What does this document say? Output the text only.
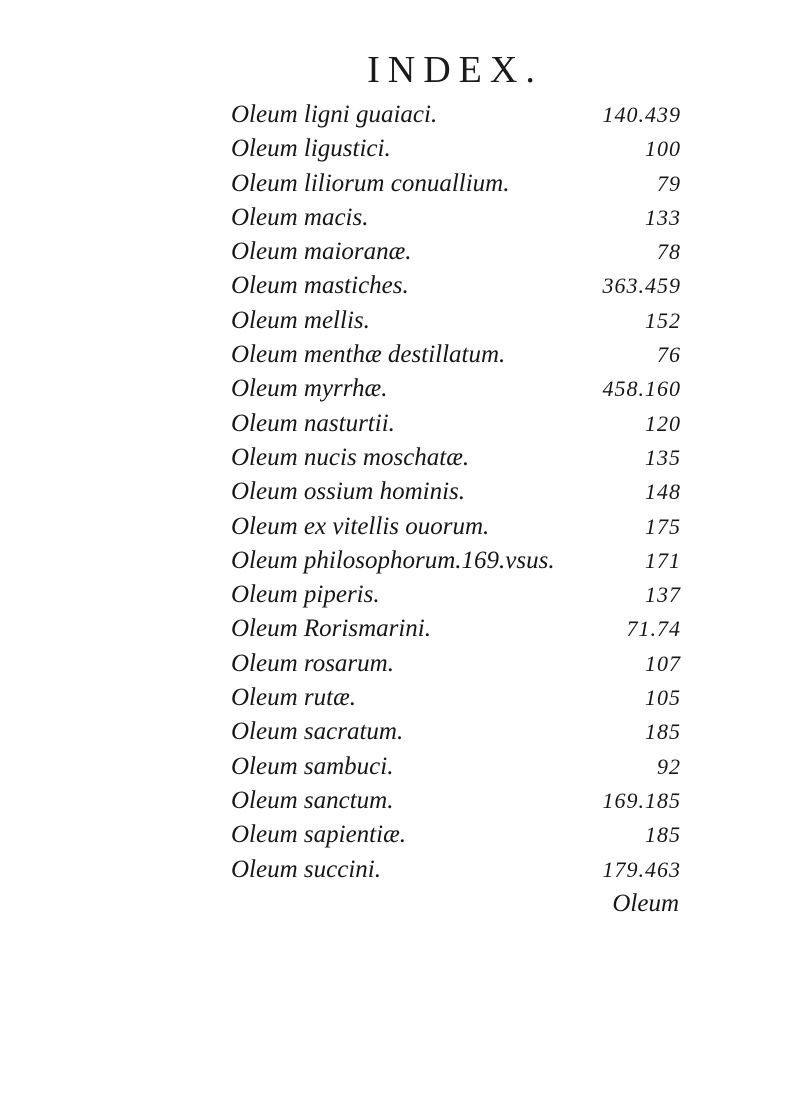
INDEX.
Oleum ligni guaiaci.	140.439
Oleum ligustici.	100
Oleum liliorum conuallium.	79
Oleum macis.	133
Oleum maioranæ.	78
Oleum mastiches.	363.459
Oleum mellis.	152
Oleum menthæ destillatum.	76
Oleum myrrhæ.	458.160
Oleum nasturtii.	120
Oleum nucis moschatæ.	135
Oleum ossium hominis.	148
Oleum ex vitellis ouorum.	175
Oleum philosophorum.169.vsus.	171
Oleum piperis.	137
Oleum Rorismarini.	71.74
Oleum rosarum.	107
Oleum rutæ.	105
Oleum sacratum.	185
Oleum sambuci.	92
Oleum sanctum.	169.185
Oleum sapientiæ.	185
Oleum succini.	179.463
Oleum
